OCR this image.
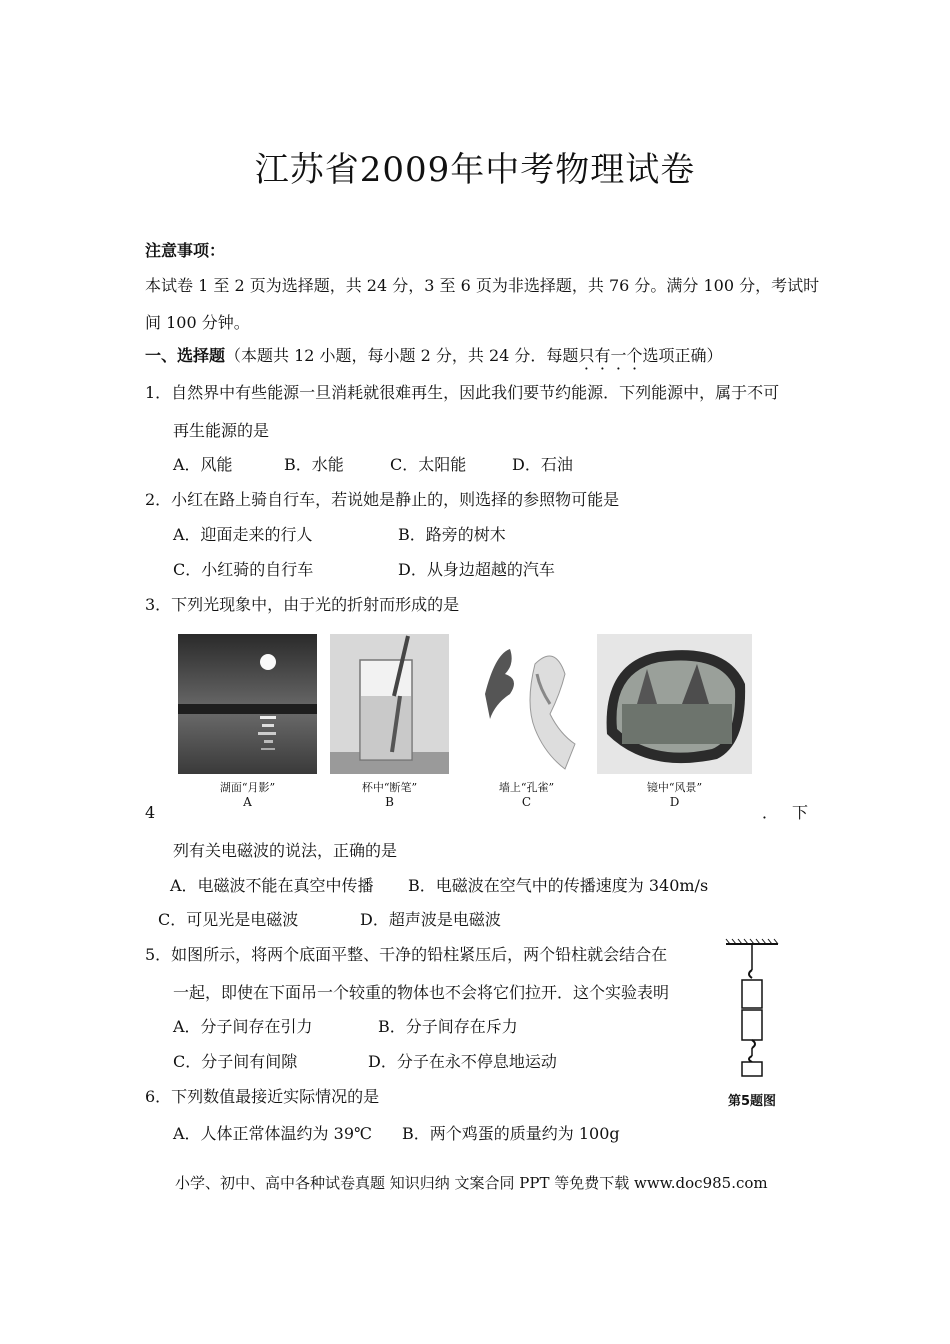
江苏省2009年中考物理试卷
注意事项：
本试卷 1 至 2 页为选择题，共 24 分，3 至 6 页为非选择题，共 76 分。满分 100 分，考试时
间 100 分钟。
一、选择题（本题共 12 小题，每小题 2 分，共 24 分．每题只有一个选项正确）
1．自然界中有些能源一旦消耗就很难再生，因此我们要节约能源．下列能源中，属于不可
再生能源的是
A．风能	B．水能	C．太阳能	D．石油
2．小红在路上骑自行车，若说她是静止的，则选择的参照物可能是
A．迎面走来的行人	B．路旁的树木
C．小红骑的自行车	D．从身边超越的汽车
3．下列光现象中，由于光的折射而形成的是
湖面“月影”
A
杯中“断笔”
B
墙上“孔雀”
C
镜中“风景”
D
4	． 下
列有关电磁波的说法，正确的是
A．电磁波不能在真空中传播 B．电磁波在空气中的传播速度为 340m/s
C．可见光是电磁波	D．超声波是电磁波
5．如图所示，将两个底面平整、干净的铅柱紧压后，两个铅柱就会结合在
一起，即使在下面吊一个较重的物体也不会将它们拉开．这个实验表明
A．分子间存在引力	B．分子间存在斥力
C．分子间有间隙	D．分子在永不停息地运动
第5题图
6．下列数值最接近实际情况的是
A．人体正常体温约为 39℃ B．两个鸡蛋的质量约为 100g
小学、初中、高中各种试卷真题 知识归纳 文案合同 PPT 等免费下载 www.doc985.com
